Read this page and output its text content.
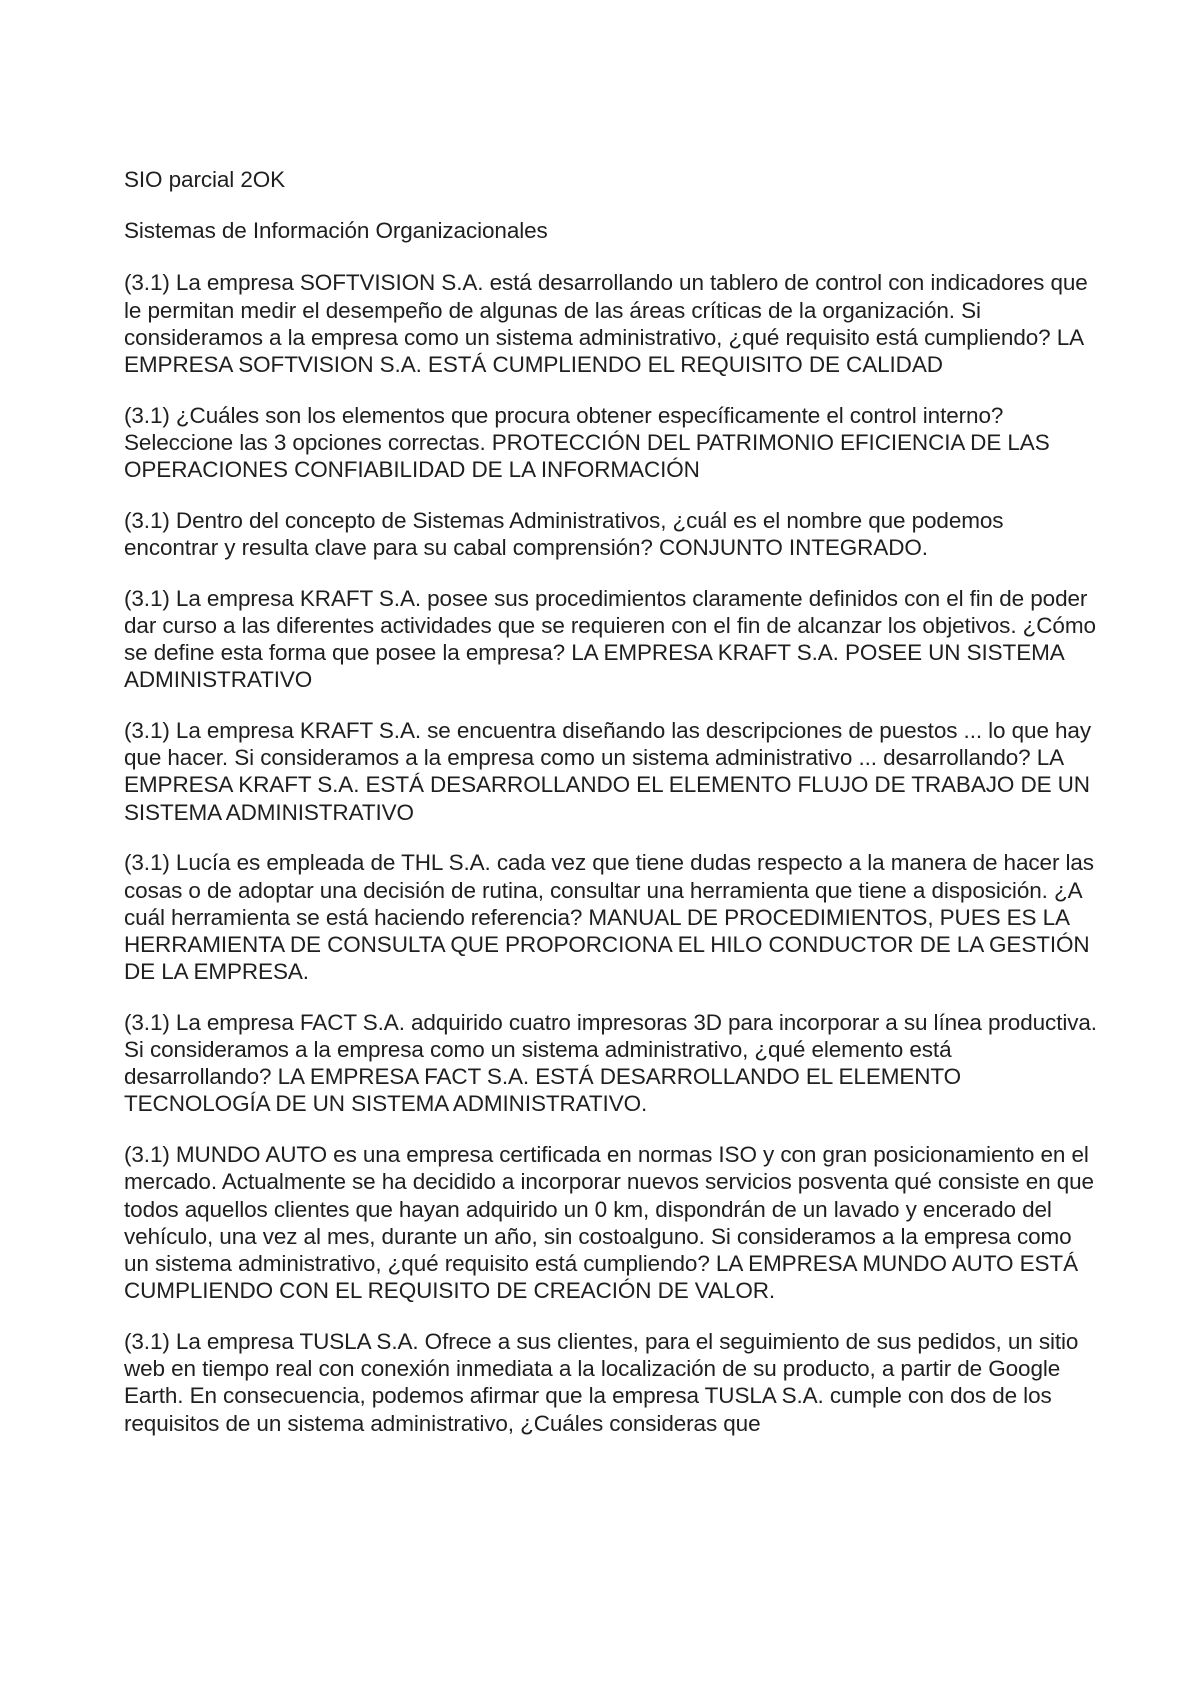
SIO parcial 2OK

Sistemas de Información Organizacionales

(3.1) La empresa SOFTVISION S.A. está desarrollando un tablero de control con indicadores que le permitan medir el desempeño de algunas de las áreas críticas de la organización. Si consideramos a la empresa como un sistema administrativo, ¿qué requisito está cumpliendo? LA EMPRESA SOFTVISION S.A. ESTÁ CUMPLIENDO EL REQUISITO DE CALIDAD

(3.1) ¿Cuáles son los elementos que procura obtener específicamente el control interno? Seleccione las 3 opciones correctas. PROTECCIÓN DEL PATRIMONIO EFICIENCIA DE LAS OPERACIONES CONFIABILIDAD DE LA INFORMACIÓN

(3.1) Dentro del concepto de Sistemas Administrativos, ¿cuál es el nombre que podemos encontrar y resulta clave para su cabal comprensión? CONJUNTO INTEGRADO.

(3.1) La empresa KRAFT S.A. posee sus procedimientos claramente definidos con el fin de poder dar curso a las diferentes actividades que se requieren con el fin de alcanzar los objetivos. ¿Cómo se define esta forma que posee la empresa? LA EMPRESA KRAFT S.A. POSEE UN SISTEMA ADMINISTRATIVO

(3.1) La empresa KRAFT S.A. se encuentra diseñando las descripciones de puestos ... lo que hay que hacer. Si consideramos a la empresa como un sistema administrativo ... desarrollando? LA EMPRESA KRAFT S.A. ESTÁ DESARROLLANDO EL ELEMENTO FLUJO DE TRABAJO DE UN SISTEMA ADMINISTRATIVO

(3.1) Lucía es empleada de THL S.A. cada vez que tiene dudas respecto a la manera de hacer las cosas o de adoptar una decisión de rutina, consultar una herramienta que tiene a disposición. ¿A cuál herramienta se está haciendo referencia? MANUAL DE PROCEDIMIENTOS, PUES ES LA HERRAMIENTA DE CONSULTA QUE PROPORCIONA EL HILO CONDUCTOR DE LA GESTIÓN DE LA EMPRESA.

(3.1) La empresa FACT S.A. adquirido cuatro impresoras 3D para incorporar a su línea productiva. Si consideramos a la empresa como un sistema administrativo, ¿qué elemento está desarrollando? LA EMPRESA FACT S.A. ESTÁ DESARROLLANDO EL ELEMENTO TECNOLOGÍA DE UN SISTEMA ADMINISTRATIVO.

(3.1) MUNDO AUTO es una empresa certificada en normas ISO y con gran posicionamiento en el mercado. Actualmente se ha decidido a incorporar nuevos servicios posventa qué consiste en que todos aquellos clientes que hayan adquirido un 0 km, dispondrán de un lavado y encerado del vehículo, una vez al mes, durante un año, sin costoalguno. Si consideramos a la empresa como un sistema administrativo, ¿qué requisito está cumpliendo? LA EMPRESA MUNDO AUTO ESTÁ CUMPLIENDO CON EL REQUISITO DE CREACIÓN DE VALOR.

(3.1) La empresa TUSLA S.A. Ofrece a sus clientes, para el seguimiento de sus pedidos, un sitio web en tiempo real con conexión inmediata a la localización de su producto, a partir de Google Earth. En consecuencia, podemos afirmar que la empresa TUSLA S.A. cumple con dos de los requisitos de un sistema administrativo, ¿Cuáles consideras que
